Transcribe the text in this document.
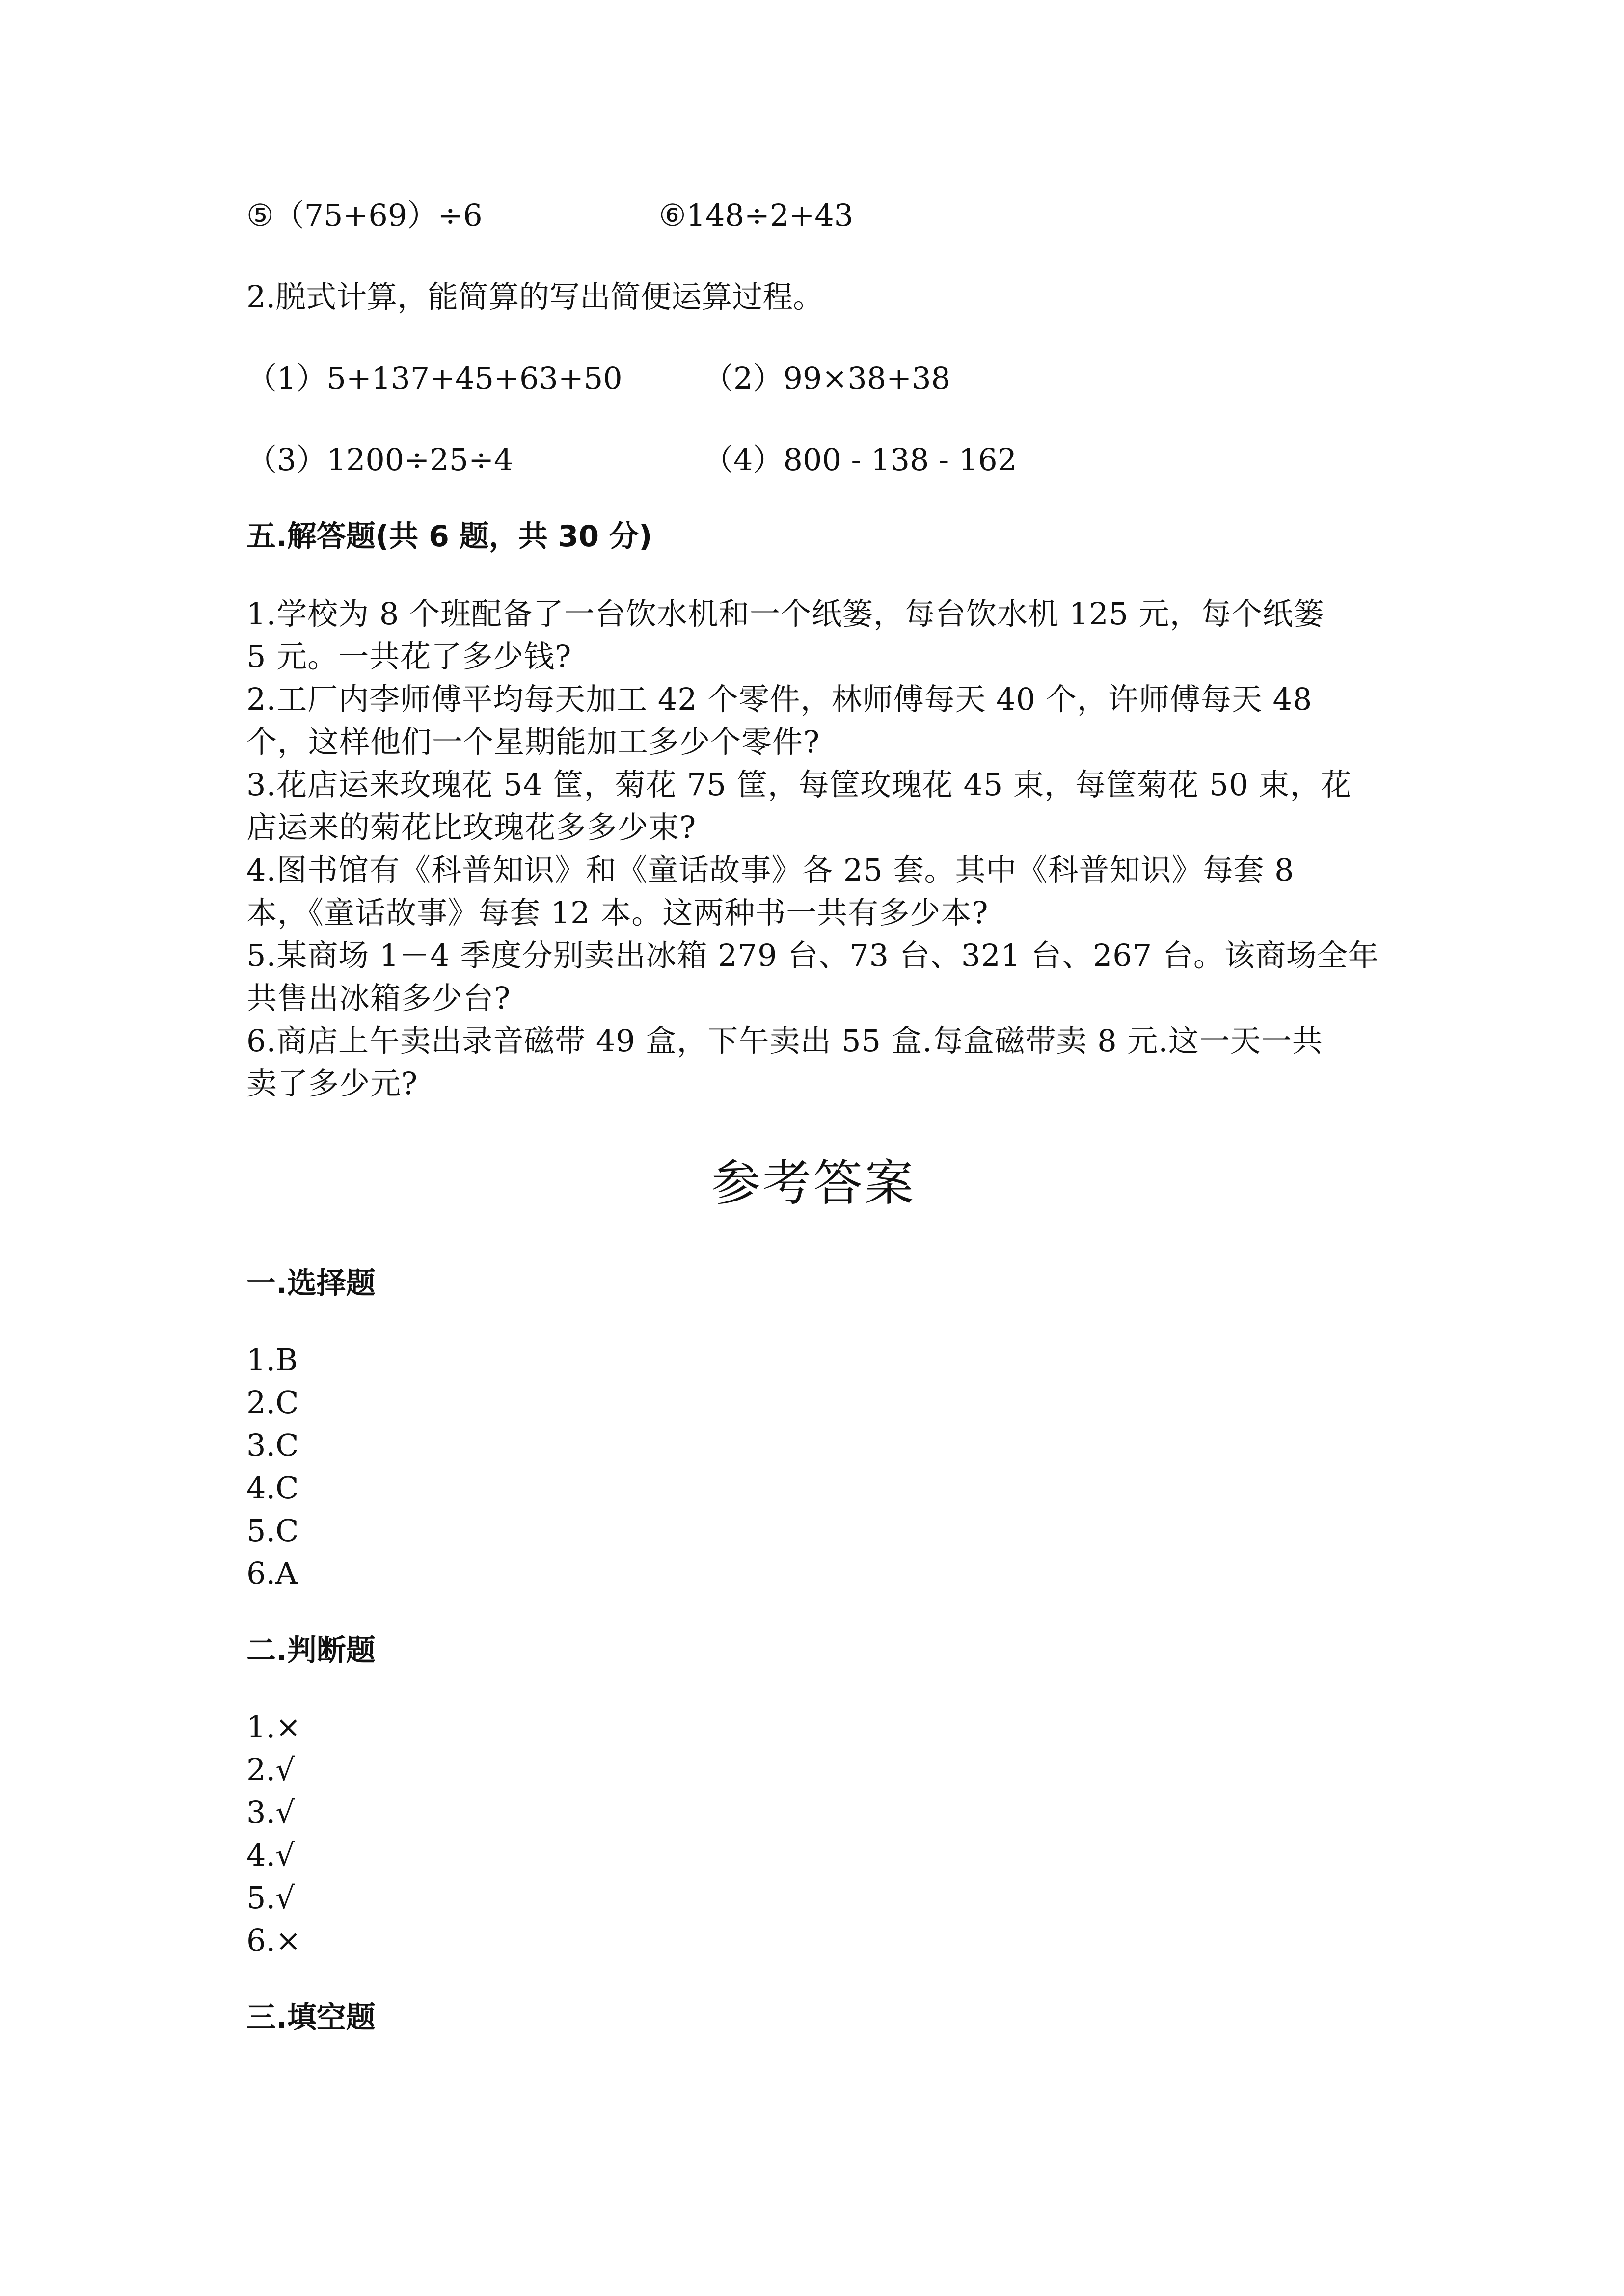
⑤（75+69）÷6	⑥148÷2+43
2.脱式计算，能简算的写出简便运算过程。
（1）5+137+45+63+50	（2）99×38+38
（3）1200÷25÷4	（4）800 - 138 - 162
五.解答题(共 6 题，共 30 分)
1.学校为 8 个班配备了一台饮水机和一个纸篓，每台饮水机 125 元，每个纸篓
5 元。一共花了多少钱?
2.工厂内李师傅平均每天加工 42 个零件，林师傅每天 40 个，许师傅每天 48
个，这样他们一个星期能加工多少个零件?
3.花店运来玫瑰花 54 筐，菊花 75 筐，每筐玫瑰花 45 束，每筐菊花 50 束，花
店运来的菊花比玫瑰花多多少束?
4.图书馆有《科普知识》和《童话故事》各 25 套。其中《科普知识》每套 8
本，《童话故事》每套 12 本。这两种书一共有多少本?
5.某商场 1－4 季度分别卖出冰箱 279 台、73 台、321 台、267 台。该商场全年
共售出冰箱多少台?
6.商店上午卖出录音磁带 49 盒，下午卖出 55 盒.每盒磁带卖 8 元.这一天一共
卖了多少元?
参考答案
一.选择题
1.B
2.C
3.C
4.C
5.C
6.A
二.判断题
1.×
2.√
3.√
4.√
5.√
6.×
三.填空题
